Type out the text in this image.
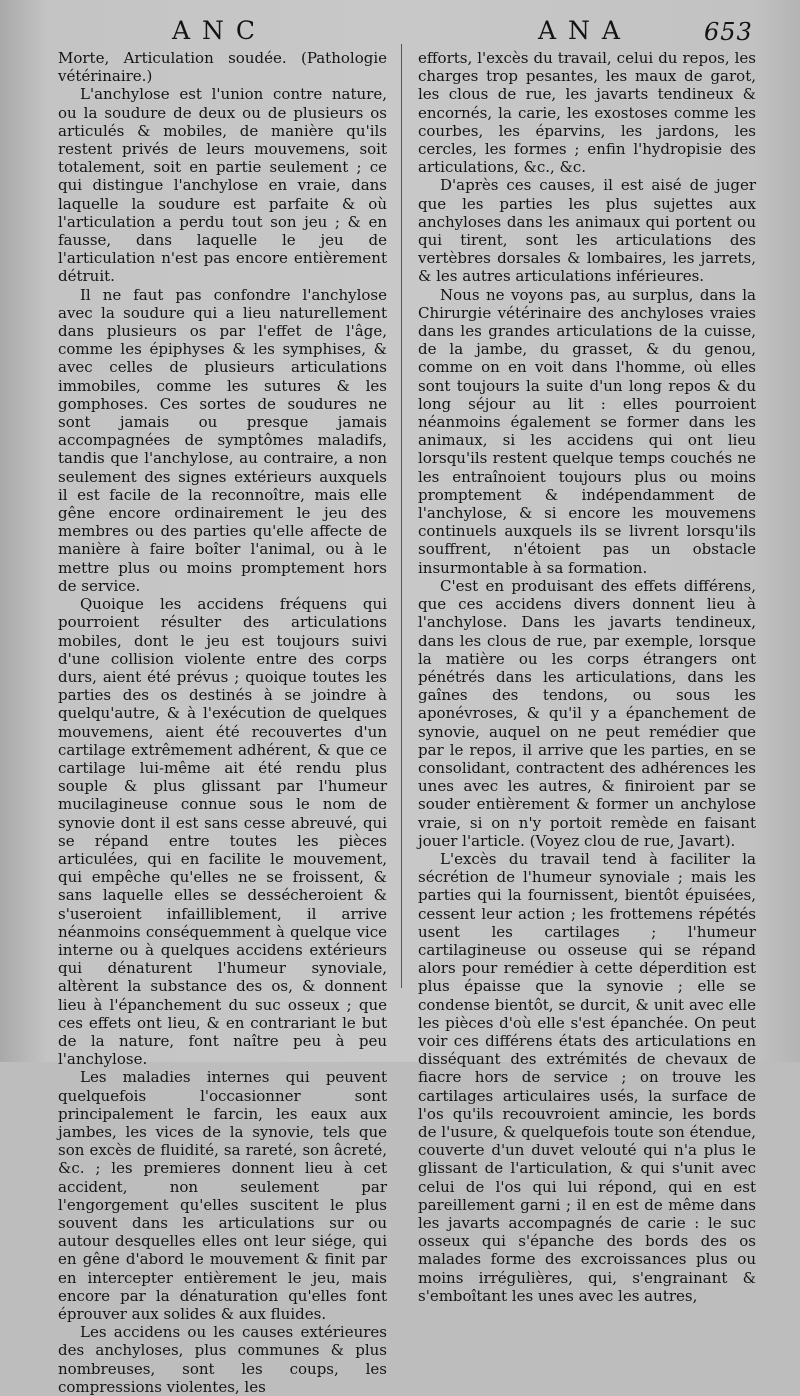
ANC	ANA	653

Morte, Articulation soudée. (Pathologie vétérinaire.)

L'anchylose est l'union contre nature, ou la soudure de deux ou de plusieurs os articulés & mobiles, de manière qu'ils restent privés de leurs mouvemens, soit totalement, soit en partie seulement ; ce qui distingue l'anchylose en vraie, dans laquelle la soudure est parfaite & où l'articulation a perdu tout son jeu ; & en fausse, dans laquelle le jeu de l'articulation n'est pas encore entièrement détruit.

Il ne faut pas confondre l'anchylose avec la soudure qui a lieu naturellement dans plusieurs os par l'effet de l'âge, comme les épiphyses & les symphises, & avec celles de plusieurs articulations immobiles, comme les sutures & les gomphoses. Ces sortes de soudures ne sont jamais ou presque jamais accompagnées de symptômes maladifs, tandis que l'anchylose, au contraire, a non seulement des signes extérieurs auxquels il est facile de la reconnoître, mais elle gêne encore ordinairement le jeu des membres ou des parties qu'elle affecte de manière à faire boîter l'animal, ou à le mettre plus ou moins promptement hors de service.

Quoique les accidens fréquens qui pourroient résulter des articulations mobiles, dont le jeu est toujours suivi d'une collision violente entre des corps durs, aient été prévus ; quoique toutes les parties des os destinés à se joindre à quelqu'autre, & à l'exécution de quelques mouvemens, aient été recouvertes d'un cartilage extrêmement adhérent, & que ce cartilage lui-même ait été rendu plus souple & plus glissant par l'humeur mucilagineuse connue sous le nom de synovie dont il est sans cesse abreuvé, qui se répand entre toutes les pièces articulées, qui en facilite le mouvement, qui empêche qu'elles ne se froissent, & sans laquelle elles se dessécheroient & s'useroient infailliblement, il arrive néanmoins conséquemment à quelque vice interne ou à quelques accidens extérieurs qui dénaturent l'humeur synoviale, altèrent la substance des os, & donnent lieu à l'épanchement du suc osseux ; que ces effets ont lieu, & en contrariant le but de la nature, font naître peu à peu l'anchylose.

Les maladies internes qui peuvent quelquefois l'occasionner sont principalement le farcin, les eaux aux jambes, les vices de la synovie, tels que son excès de fluidité, sa rareté, son âcreté, &c. ; les premieres donnent lieu à cet accident, non seulement par l'engorgement qu'elles suscitent le plus souvent dans les articulations sur ou autour desquelles elles ont leur siége, qui en gêne d'abord le mouvement & finit par en intercepter entièrement le jeu, mais encore par la dénaturation qu'elles font éprouver aux solides & aux fluides.

Les accidens ou les causes extérieures des anchyloses, plus communes & plus nombreuses, sont les coups, les compressions violentes, les

efforts, l'excès du travail, celui du repos, les charges trop pesantes, les maux de garot, les clous de rue, les javarts tendineux & encornés, la carie, les exostoses comme les courbes, les éparvins, les jardons, les cercles, les formes ; enfin l'hydropisie des articulations, &c., &c.

D'après ces causes, il est aisé de juger que les parties les plus sujettes aux anchyloses dans les animaux qui portent ou qui tirent, sont les articulations des vertèbres dorsales & lombaires, les jarrets, & les autres articulations inférieures.

Nous ne voyons pas, au surplus, dans la Chirurgie vétérinaire des anchyloses vraies dans les grandes articulations de la cuisse, de la jambe, du grasset, & du genou, comme on en voit dans l'homme, où elles sont toujours la suite d'un long repos & du long séjour au lit : elles pourroient néanmoins également se former dans les animaux, si les accidens qui ont lieu lorsqu'ils restent quelque temps couchés ne les entraînoient toujours plus ou moins promptement & indépendamment de l'anchylose, & si encore les mouvemens continuels auxquels ils se livrent lorsqu'ils souffrent, n'étoient pas un obstacle insurmontable à sa formation.

C'est en produisant des effets différens, que ces accidens divers donnent lieu à l'anchylose. Dans les javarts tendineux, dans les clous de rue, par exemple, lorsque la matière ou les corps étrangers ont pénétrés dans les articulations, dans les gaînes des tendons, ou sous les aponévroses, & qu'il y a épanchement de synovie, auquel on ne peut remédier que par le repos, il arrive que les parties, en se consolidant, contractent des adhérences les unes avec les autres, & finiroient par se souder entièrement & former un anchylose vraie, si on n'y portoit remède en faisant jouer l'article. (Voyez clou de rue, Javart).

L'excès du travail tend à faciliter la sécrétion de l'humeur synoviale ; mais les parties qui la fournissent, bientôt épuisées, cessent leur action ; les frottemens répétés usent les cartilages ; l'humeur cartilagineuse ou osseuse qui se répand alors pour remédier à cette déperdition est plus épaisse que la synovie ; elle se condense bientôt, se durcit, & unit avec elle les pièces d'où elle s'est épanchée. On peut voir ces différens états des articulations en disséquant des extrémités de chevaux de fiacre hors de service ; on trouve les cartilages articulaires usés, la surface de l'os qu'ils recouvroient amincie, les bords de l'usure, & quelquefois toute son étendue, couverte d'un duvet velouté qui n'a plus le glissant de l'articulation, & qui s'unit avec celui de l'os qui lui répond, qui en est pareillement garni ; il en est de même dans les javarts accompagnés de carie : le suc osseux qui s'épanche des bords des os malades forme des excroissances plus ou moins irrégulières, qui, s'engrainant & s'emboîtant les unes avec les autres,
